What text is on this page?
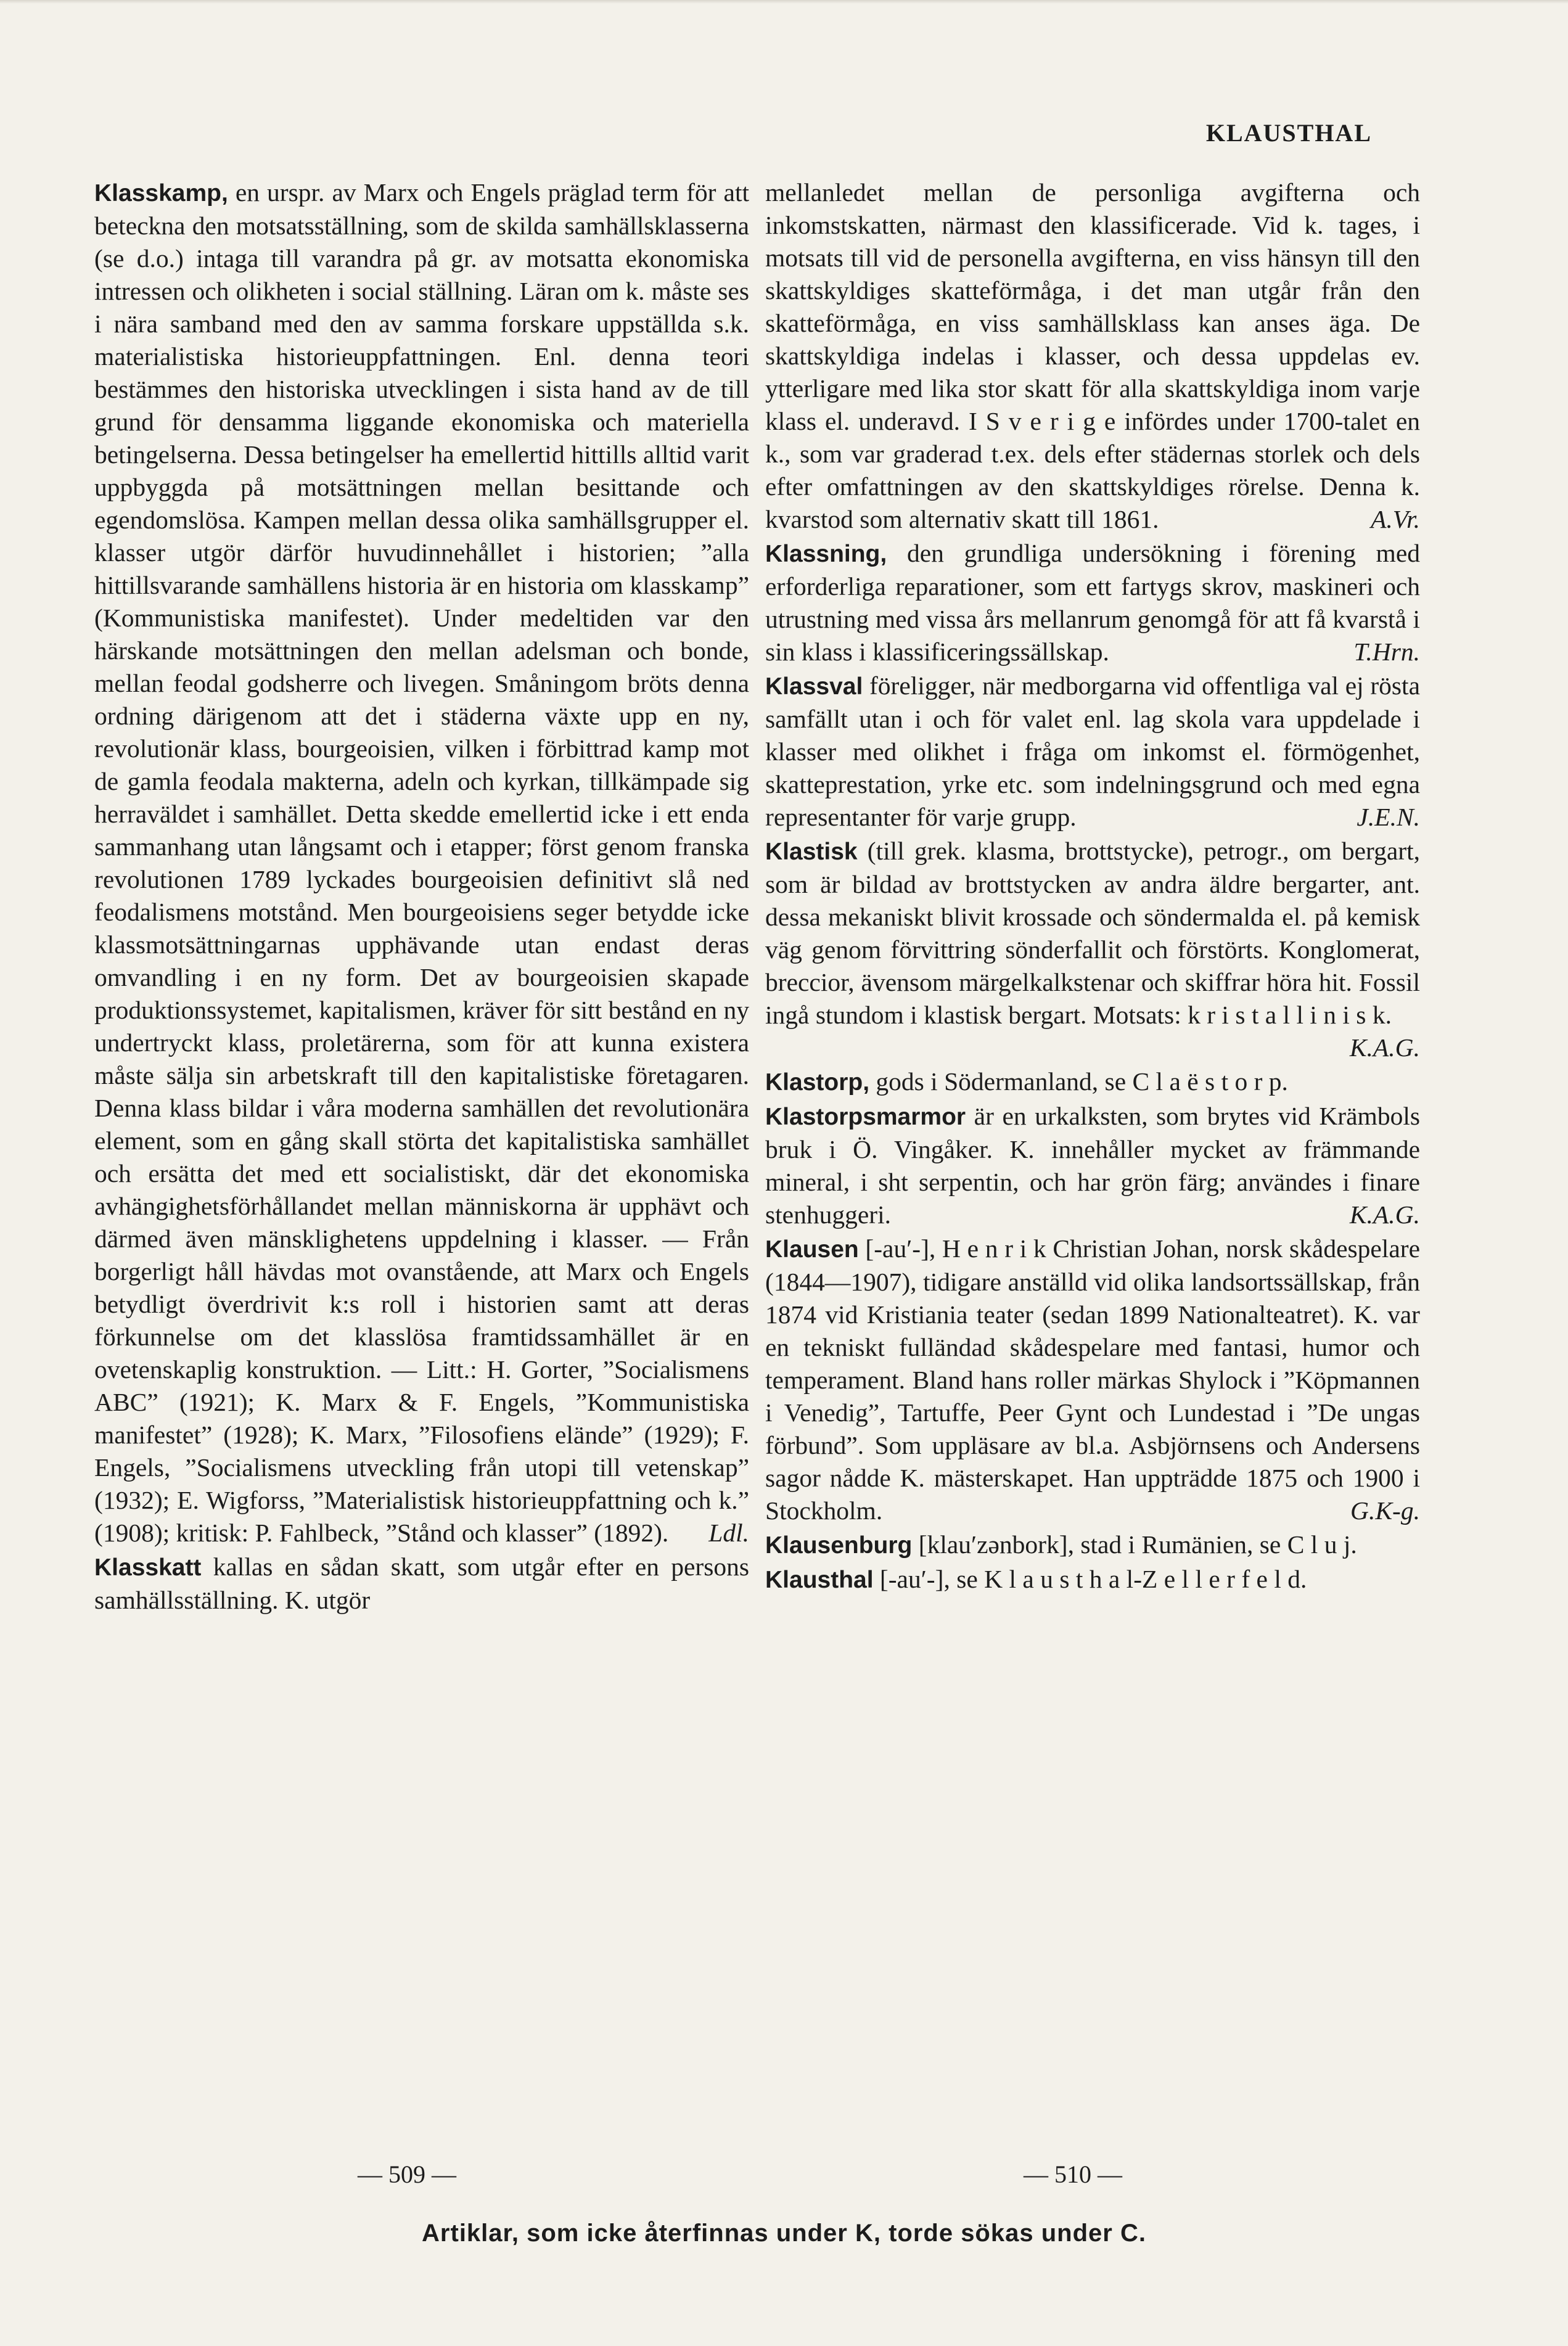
KLAUSTHAL

Klasskamp, en urspr. av Marx och Engels präglad term för att beteckna den motsatsställning, som de skilda samhällsklasserna (se d.o.) intaga till varandra på gr. av motsatta ekonomiska intressen och olikheten i social ställning. Läran om k. måste ses i nära samband med den av samma forskare uppställda s.k. materialistiska historieuppfattningen. Enl. denna teori bestämmes den historiska utvecklingen i sista hand av de till grund för densamma liggande ekonomiska och materiella betingelserna. Dessa betingelser ha emellertid hittills alltid varit uppbyggda på motsättningen mellan besittande och egendomslösa. Kampen mellan dessa olika samhällsgrupper el. klasser utgör därför huvudinnehållet i historien; ”alla hittillsvarande samhällens historia är en historia om klasskamp” (Kommunistiska manifestet). Under medeltiden var den härskande motsättningen den mellan adelsman och bonde, mellan feodal godsherre och livegen. Småningom bröts denna ordning därigenom att det i städerna växte upp en ny, revolutionär klass, bourgeoisien, vilken i förbittrad kamp mot de gamla feodala makterna, adeln och kyrkan, tillkämpade sig herraväldet i samhället. Detta skedde emellertid icke i ett enda sammanhang utan långsamt och i etapper; först genom franska revolutionen 1789 lyckades bourgeoisien definitivt slå ned feodalismens motstånd. Men bourgeoisiens seger betydde icke klassmotsättningarnas upphävande utan endast deras omvandling i en ny form. Det av bourgeoisien skapade produktionssystemet, kapitalismen, kräver för sitt bestånd en ny undertryckt klass, proletärerna, som för att kunna existera måste sälja sin arbetskraft till den kapitalistiske företagaren. Denna klass bildar i våra moderna samhällen det revolutionära element, som en gång skall störta det kapitalistiska samhället och ersätta det med ett socialistiskt, där det ekonomiska avhängighetsförhållandet mellan människorna är upphävt och därmed även mänsklighetens uppdelning i klasser. — Från borgerligt håll hävdas mot ovanstående, att Marx och Engels betydligt överdrivit k:s roll i historien samt att deras förkunnelse om det klasslösa framtidssamhället är en ovetenskaplig konstruktion. — Litt.: H. Gorter, ”Socialismens ABC” (1921); K. Marx & F. Engels, ”Kommunistiska manifestet” (1928); K. Marx, ”Filosofiens elände” (1929); F. Engels, ”Socialismens utveckling från utopi till vetenskap” (1932); E. Wigforss, ”Materialistisk historieuppfattning och k.” (1908); kritisk: P. Fahlbeck, ”Stånd och klasser” (1892).	Ldl.

Klasskatt kallas en sådan skatt, som utgår efter en persons samhällsställning. K. utgör

mellanledet mellan de personliga avgifterna och inkomstskatten, närmast den klassificerade. Vid k. tages, i motsats till vid de personella avgifterna, en viss hänsyn till den skattskyldiges skatteförmåga, i det man utgår från den skatteförmåga, en viss samhällsklass kan anses äga. De skattskyldiga indelas i klasser, och dessa uppdelas ev. ytterligare med lika stor skatt för alla skattskyldiga inom varje klass el. underavd. I S v e r i g e infördes under 1700-talet en k., som var graderad t.ex. dels efter städernas storlek och dels efter omfattningen av den skattskyldiges rörelse. Denna k. kvarstod som alternativ skatt till 1861.	A.Vr.

Klassning, den grundliga undersökning i förening med erforderliga reparationer, som ett fartygs skrov, maskineri och utrustning med vissa års mellanrum genomgå för att få kvarstå i sin klass i klassificeringssällskap.	T.Hrn.

Klassval föreligger, när medborgarna vid offentliga val ej rösta samfällt utan i och för valet enl. lag skola vara uppdelade i klasser med olikhet i fråga om inkomst el. förmögenhet, skatteprestation, yrke etc. som indelningsgrund och med egna representanter för varje grupp.	J.E.N.

Klastisk (till grek. klasma, brottstycke), petrogr., om bergart, som är bildad av brottstycken av andra äldre bergarter, ant. dessa mekaniskt blivit krossade och söndermalda el. på kemisk väg genom förvittring sönderfallit och förstörts. Konglomerat, breccior, ävensom märgelkalkstenar och skiffrar höra hit. Fossil ingå stundom i klastisk bergart. Motsats: k r i s t a l l i n i s k.
K.A.G.

Klastorp, gods i Södermanland, se C l a ë s t o r p.

Klastorpsmarmor är en urkalksten, som brytes vid Krämbols bruk i Ö. Vingåker. K. innehåller mycket av främmande mineral, i sht serpentin, och har grön färg; användes i finare stenhuggeri.	K.A.G.

Klausen [-au′-], H e n r i k Christian Johan, norsk skådespelare (1844—1907), tidigare anställd vid olika landsortssällskap, från 1874 vid Kristiania teater (sedan 1899 Nationalteatret). K. var en tekniskt fulländad skådespelare med fantasi, humor och temperament. Bland hans roller märkas Shylock i ”Köpmannen i Venedig”, Tartuffe, Peer Gynt och Lundestad i ”De ungas förbund”. Som uppläsare av bl.a. Asbjörnsens och Andersens sagor nådde K. mästerskapet. Han uppträdde 1875 och 1900 i Stockholm.	G.K-g.

Klausenburg [klau′zənbork], stad i Rumänien, se C l u j.

Klausthal [-au′-], se K l a u s t h a l-Z e l l e r f e l d.

— 509 —	— 510 —
Artiklar, som icke återfinnas under K, torde sökas under C.
